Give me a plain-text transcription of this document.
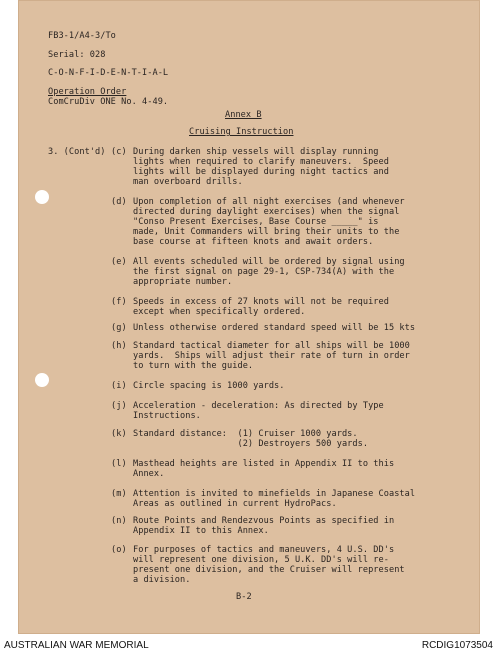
FB3-1/A4-3/To
Serial: 028
C-O-N-F-I-D-E-N-T-I-A-L
Operation Order
ComCruDiv ONE No. 4-49.
Annex B
Cruising Instruction
3. (Cont'd) (c) During darken ship vessels will display running
lights when required to clarify maneuvers.  Speed
lights will be displayed during night tactics and
man overboard drills.
(d) Upon completion of all night exercises (and whenever
directed during daylight exercises) when the signal
"Conso Present Exercises, Base Course _____" is
made, Unit Commanders will bring their units to the
base course at fifteen knots and await orders.
(e) All events scheduled will be ordered by signal using
the first signal on page 29-1, CSP-734(A) with the
appropriate number.
(f) Speeds in excess of 27 knots will not be required
except when specifically ordered.
(g) Unless otherwise ordered standard speed will be 15 kts
(h) Standard tactical diameter for all ships will be 1000
yards.  Ships will adjust their rate of turn in order
to turn with the guide.
(i) Circle spacing is 1000 yards.
(j) Acceleration - deceleration: As directed by Type
Instructions.
(k) Standard distance:  (1) Cruiser 1000 yards.
(2) Destroyers 500 yards.
(l) Masthead heights are listed in Appendix II to this
Annex.
(m) Attention is invited to minefields in Japanese Coastal
Areas as outlined in current HydroPacs.
(n) Route Points and Rendezvous Points as specified in
Appendix II to this Annex.
(o) For purposes of tactics and maneuvers, 4 U.S. DD's
will represent one division, 5 U.K. DD's will re-
present one division, and the Cruiser will represent
a division.
B-2
AUSTRALIAN WAR MEMORIAL	RCDIG1073504
